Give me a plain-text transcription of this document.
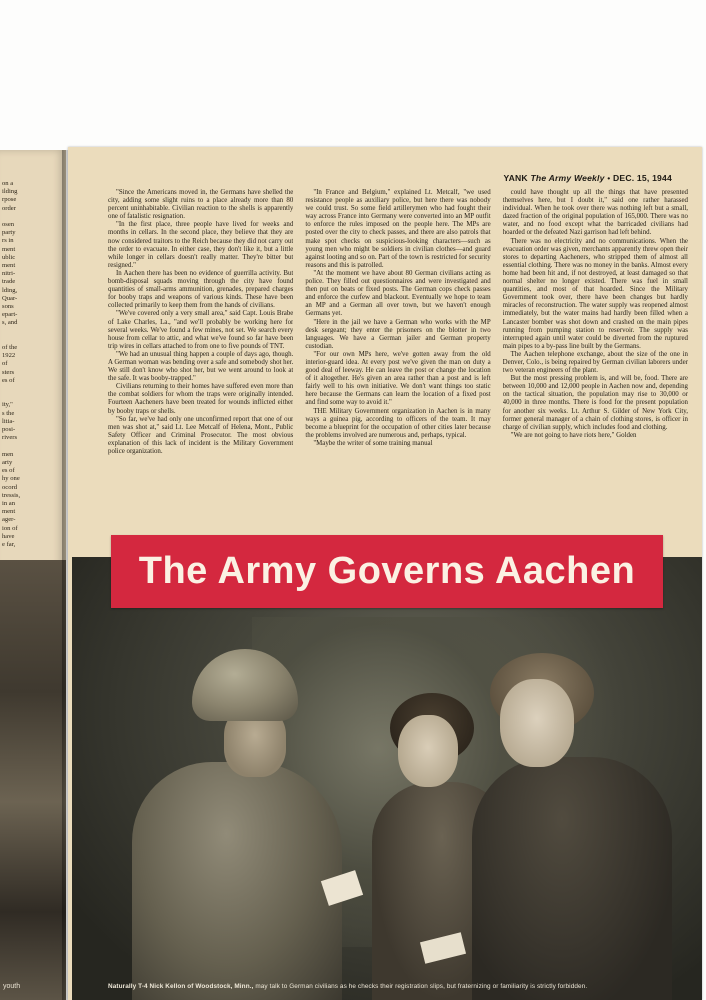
on a
ilding
rpose
order

osen
party
rs in
ment
ublic
ment
nitri-
trade
lding,
Quar-
sons
epart-
s, and

of the
1922
of
sters
es of

ity,"
s the
litia-
posi-
rivers

men
arty
es of
hy one
ocord
tressis,
in an
ment
ager-
ion of
have
e far,
youth
YANK The Army Weekly • DEC. 15, 1944

"Since the Americans moved in, the Germans have shelled the city, adding some slight ruins to a place already more than 80 percent uninhabitable. Civilian reaction to the shells is apparently one of fatalistic resignation.

"In the first place, three people have lived for weeks and months in cellars. In the second place, they believe that they are now considered traitors to the Reich because they did not carry out the order to evacuate. In either case, they don't like it, but a little while longer in cellars doesn't really matter. They're bitter but resigned."

In Aachen there has been no evidence of guerrilla activity. But bomb-disposal squads moving through the city have found quantities of small-arms ammunition, grenades, prepared charges for booby traps and weapons of various kinds. These have been collected primarily to keep them from the hands of civilians.

"We've covered only a very small area," said Capt. Louis Brabe of Lake Charles, La., "and we'll probably be working here for several weeks. We've found a few mines, not set. We search every house from cellar to attic, and what we've found so far have been trip wires in cellars attached to from one to five pounds of TNT.

"We had an unusual thing happen a couple of days ago, though. A German woman was bending over a safe and somebody shot her. We still don't know who shot her, but we went around to look at the safe. It was booby-trapped."

Civilians returning to their homes have suffered even more than the combat soldiers for whom the traps were originally intended. Fourteen Aacheners have been treated for wounds inflicted either by booby traps or shells.

"So far, we've had only one unconfirmed report that one of our men was shot at," said Lt. Lee Metcalf of Helena, Mont., Public Safety Officer and Criminal Prosecutor. The most obvious explanation of this lack of incident is the Military Government police organization.

"In France and Belgium," explained Lt. Metcalf, "we used resistance people as auxiliary police, but here there was nobody we could trust. So some field artillerymen who had fought their way across France into Germany were converted into an MP outfit to enforce the rules imposed on the people here. The MPs are posted over the city to check passes, and there are also patrols that make spot checks on suspicious-looking characters—such as young men who might be soldiers in civilian clothes—and guard against looting and so on. Part of the town is restricted for security reasons and this is patrolled.

"At the moment we have about 80 German civilians acting as police. They filled out questionnaires and were investigated and then put on beats or fixed posts. The German cops check passes and enforce the curfew and blackout. Eventually we hope to team an MP and a German all over town, but we haven't enough Germans yet.

"Here in the jail we have a German who works with the MP desk sergeant; they enter the prisoners on the blotter in two languages. We have a German jailer and German property custodian.

"For our own MPs here, we've gotten away from the old interior-guard idea. At every post we've given the man on duty a good deal of leeway. He can leave the post or change the location of it altogether. He's given an area rather than a post and is left fairly well to his own initiative. We don't want things too static here because the Germans can learn the location of a fixed post and find some way to avoid it."

THE Military Government organization in Aachen is in many ways a guinea pig, according to officers of the team. It may become a blueprint for the occupation of other cities later because the problems involved are numerous and, perhaps, typical.

"Maybe the writer of some training manual

could have thought up all the things that have presented themselves here, but I doubt it," said one rather harassed individual. When he took over there was nothing left but a small, dazed fraction of the original population of 165,000. There was no water, and no food except what the barricaded civilians had hoarded or the defeated Nazi garrison had left behind.

There was no electricity and no communications. When the evacuation order was given, merchants apparently threw open their stores to departing Aacheners, who stripped them of almost all essential clothing. There was no money in the banks. Almost every home had been hit and, if not destroyed, at least damaged so that normal shelter no longer existed. There was fuel in small quantities, and most of that hoarded. Since the Military Government took over, there have been changes but hardly miracles of reconstruction. The water supply was reopened almost immediately, but the water mains had hardly been filled when a Lancaster bomber was shot down and crashed on the main pipes running from pumping station to reservoir. The supply was interrupted again until water could be diverted from the ruptured main pipes to a by-pass line built by the Germans.

The Aachen telephone exchange, about the size of the one in Denver, Colo., is being repaired by German civilian laborers under two veteran engineers of the plant.

But the most pressing problem is, and will be, food. There are between 10,000 and 12,000 people in Aachen now and, depending on the tactical situation, the population may rise to 30,000 or 40,000 in three months. There is food for the present population for another six weeks. Lt. Arthur S. Gilder of New York City, former general manager of a chain of clothing stores, is officer in charge of civilian supply, which includes food and clothing.

"We are not going to have riots here," Golden

Naturally T-4 Nick Kellon of Woodstock, Minn., may talk to German civilians as he checks their registration slips, but fraternizing or familiarity is strictly forbidden.
The Army Governs Aachen
